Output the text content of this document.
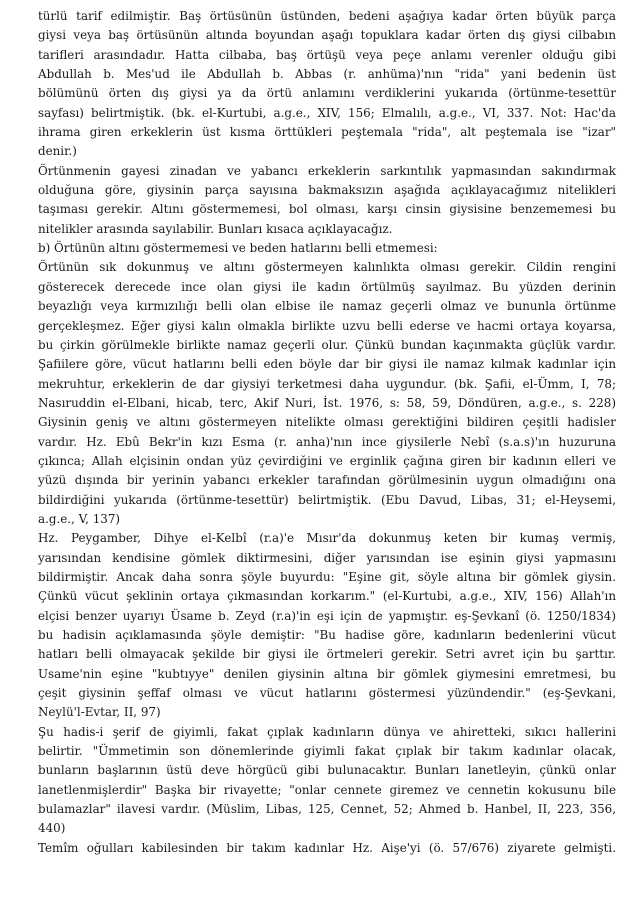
türlü tarif edilmiştir. Baş örtüsünün üstünden, bedeni aşağıya kadar örten büyük parça
giysi veya baş örtüsünün altında boyundan aşağı topuklara kadar örten dış giysi cilbabın
tarifleri arasındadır. Hatta cilbaba, baş örtüşü veya peçe anlamı verenler olduğu gibi
Abdullah b. Mes'ud ile Abdullah b. Abbas (r. anhüma)'nın "rida" yani bedenin üst
bölümünü örten dış giysi ya da örtü anlamını verdiklerini yukarıda (örtünme-tesettür
sayfası) belirtmiştik. (bk. el-Kurtubi, a.g.e., XIV, 156; Elmalılı, a.g.e., VI, 337. Not: Hac'da
ihrama giren erkeklerin üst kısma örttükleri peştemala "rida", alt peştemala ise "izar"
denir.)
Örtünmenin gayesi zinadan ve yabancı erkeklerin sarkıntılık yapmasından sakındırmak
olduğuna göre, giysinin parça sayısına bakmaksızın aşağıda açıklayacağımız nitelikleri
taşıması gerekir. Altını göstermemesi, bol olması, karşı cinsin giysisine benzememesi bu
nitelikler arasında sayılabilir. Bunları kısaca açıklayacağız.
b) Örtünün altını göstermemesi ve beden hatlarını belli etmemesi:
Örtünün sık dokunmuş ve altını göstermeyen kalınlıkta olması gerekir. Cildin rengini
gösterecek derecede ince olan giysi ile kadın örtülmüş sayılmaz. Bu yüzden derinin
beyazlığı veya kırmızılığı belli olan elbise ile namaz geçerli olmaz ve bununla örtünme
gerçekleşmez. Eğer giysi kalın olmakla birlikte uzvu belli ederse ve hacmi ortaya koyarsa,
bu çirkin görülmekle birlikte namaz geçerli olur. Çünkü bundan kaçınmakta güçlük vardır.
Şafiilere göre, vücut hatlarını belli eden böyle dar bir giysi ile namaz kılmak kadınlar için
mekruhtur, erkeklerin de dar giysiyi terketmesi daha uygundur. (bk. Şafii, el-Ümm, I, 78;
Nasıruddin el-Elbani, hicab, terc, Akif Nuri, İst. 1976, s: 58, 59, Döndüren, a.g.e., s. 228)
Giysinin geniş ve altını göstermeyen nitelikte olması gerektiğini bildiren çeşitli hadisler
vardır. Hz. Ebû Bekr'in kızı Esma (r. anha)'nın ince giysilerle Nebî (s.a.s)'ın huzuruna
çıkınca; Allah elçisinin ondan yüz çevirdiğini ve erginlik çağına giren bir kadının elleri ve
yüzü dışında bir yerinin yabancı erkekler tarafından görülmesinin uygun olmadığını ona
bildirdiğini yukarıda (örtünme-tesettür) belirtmiştik. (Ebu Davud, Libas, 31; el-Heysemi,
a.g.e., V, 137)
Hz. Peygamber, Dihye el-Kelbî (r.a)'e Mısır'da dokunmuş keten bir kumaş vermiş,
yarısından kendisine gömlek diktirmesini, diğer yarısından ise eşinin giysi yapmasını
bildirmiştir. Ancak daha sonra şöyle buyurdu: "Eşine git, söyle altına bir gömlek giysin.
Çünkü vücut şeklinin ortaya çıkmasından korkarım." (el-Kurtubi, a.g.e., XIV, 156) Allah'ın
elçisi benzer uyarıyı Üsame b. Zeyd (r.a)'in eşi için de yapmıştır. eş-Şevkanî (ö. 1250/1834)
bu hadisin açıklamasında şöyle demiştir: "Bu hadise göre, kadınların bedenlerini vücut
hatları belli olmayacak şekilde bir giysi ile örtmeleri gerekir. Setri avret için bu şarttır.
Usame'nin eşine "kubtıyye" denilen giysinin altına bir gömlek giymesini emretmesi, bu
çeşit giysinin şeffaf olması ve vücut hatlarını göstermesi yüzündendir." (eş-Şevkani,
Neylü'l-Evtar, II, 97)
Şu hadis-i şerif de giyimli, fakat çıplak kadınların dünya ve ahiretteki, sıkıcı hallerini
belirtir. "Ümmetimin son dönemlerinde giyimli fakat çıplak bir takım kadınlar olacak,
bunların başlarının üstü deve hörgücü gibi bulunacaktır. Bunları lanetleyin, çünkü onlar
lanetlenmişlerdir" Başka bir rivayette; "onlar cennete giremez ve cennetin kokusunu bile
bulamazlar" ilavesi vardır. (Müslim, Libas, 125, Cennet, 52; Ahmed b. Hanbel, II, 223, 356,
440)
Temîm oğulları kabilesinden bir takım kadınlar Hz. Aişe'yi (ö. 57/676) ziyarete gelmişti.
